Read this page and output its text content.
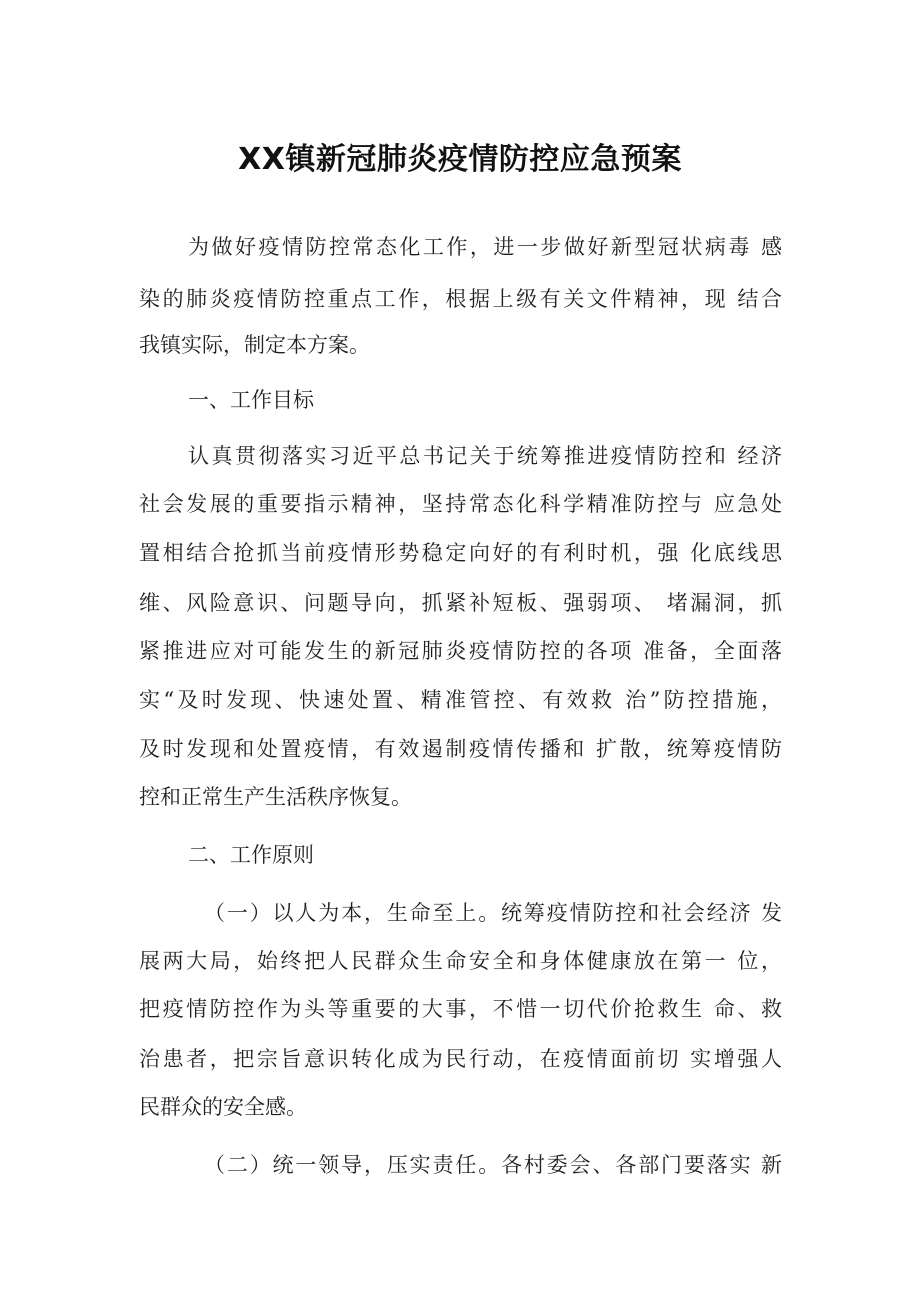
XX镇新冠肺炎疫情防控应急预案
为做好疫情防控常态化工作，进一步做好新型冠状病毒 感
染的肺炎疫情防控重点工作，根据上级有关文件精神，现 结合
我镇实际，制定本方案。
一、工作目标
认真贯彻落实习近平总书记关于统筹推进疫情防控和 经济
社会发展的重要指示精神，坚持常态化科学精准防控与 应急处
置相结合抢抓当前疫情形势稳定向好的有利时机，强 化底线思
维、风险意识、问题导向，抓紧补短板、强弱项、 堵漏洞，抓
紧推进应对可能发生的新冠肺炎疫情防控的各项 准备，全面落
实“及时发现、快速处置、精准管控、有效救 治”防控措施，
及时发现和处置疫情，有效遏制疫情传播和 扩散，统筹疫情防
控和正常生产生活秩序恢复。
二、工作原则
（一）以人为本，生命至上。统筹疫情防控和社会经济 发
展两大局，始终把人民群众生命安全和身体健康放在第一 位，
把疫情防控作为头等重要的大事，不惜一切代价抢救生 命、救
治患者，把宗旨意识转化成为民行动，在疫情面前切 实增强人
民群众的安全感。
（二）统一领导，压实责任。各村委会、各部门要落实 新
